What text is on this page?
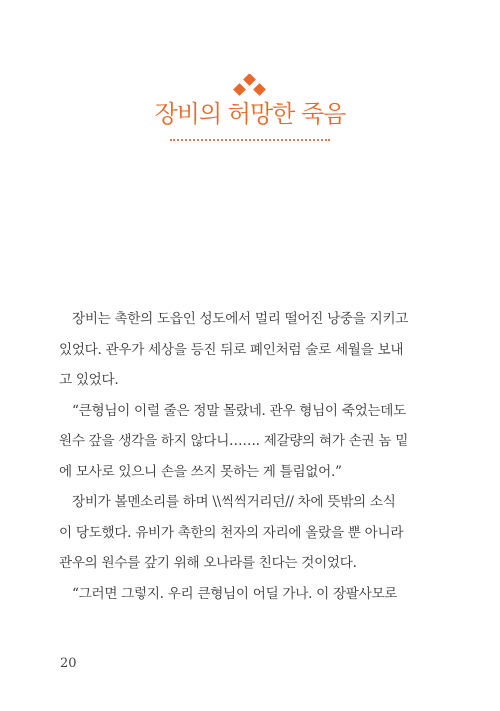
장비의 허망한 죽음

장비는 촉한의 도읍인 성도에서 멀리 떨어진 낭중을 지키고
있었다. 관우가 세상을 등진 뒤로 폐인처럼 술로 세월을 보내
고 있었다.

“큰형님이 이럴 줄은 정말 몰랐네. 관우 형님이 죽었는데도
원수 갚을 생각을 하지 않다니……. 제갈량의 혀가 손권 놈 밑
에 모사로 있으니 손을 쓰지 못하는 게 틀림없어.”

장비가 볼멘소리를 하며 \\씩씩거리던// 차에 뜻밖의 소식
이 당도했다. 유비가 촉한의 천자의 자리에 올랐을 뿐 아니라
관우의 원수를 갚기 위해 오나라를 친다는 것이었다.

“그러면 그렇지. 우리 큰형님이 어딜 가나. 이 장팔사모로

20
